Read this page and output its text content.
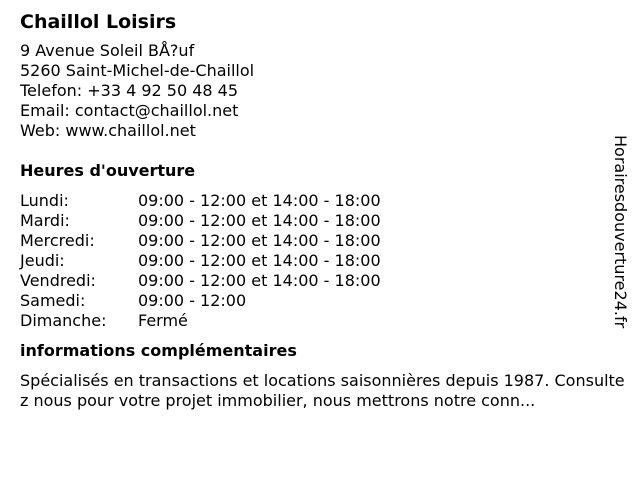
Chaillol Loisirs
9 Avenue Soleil BÅ?uf
5260 Saint-Michel-de-Chaillol
Telefon: +33 4 92 50 48 45
Email: contact@chaillol.net
Web: www.chaillol.net
Heures d'ouverture
Lundi:	09:00 - 12:00 et 14:00 - 18:00
Mardi:	09:00 - 12:00 et 14:00 - 18:00
Mercredi:	09:00 - 12:00 et 14:00 - 18:00
Jeudi:	09:00 - 12:00 et 14:00 - 18:00
Vendredi:	09:00 - 12:00 et 14:00 - 18:00
Samedi:	09:00 - 12:00
Dimanche:	Fermé
informations complémentaires
Spécialisés en transactions et locations saisonnières depuis 1987. Consultez nous pour votre projet immobilier, nous mettrons notre conn...
Horairesdouverture24.fr
